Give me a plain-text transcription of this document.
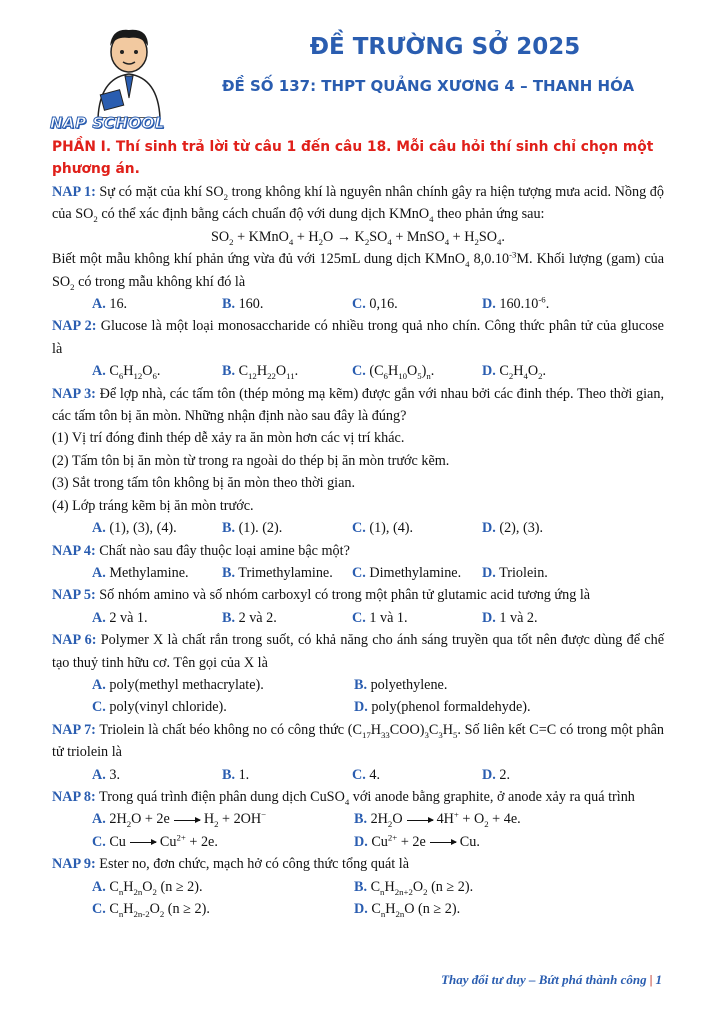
NAP SCHOOL
ĐỀ TRƯỜNG SỞ 2025
ĐỀ SỐ 137: THPT QUẢNG XƯƠNG 4 – THANH HÓA
PHẦN I. Thí sinh trả lời từ câu 1 đến câu 18. Mỗi câu hỏi thí sinh chỉ chọn một phương án.
NAP 1: Sự có mặt của khí $SO_2$ trong không khí là nguyên nhân chính gây ra hiện tượng mưa acid. Nồng độ của $SO_2$ có thể xác định bằng cách chuẩn độ với dung dịch KMnO$_4$ theo phản ứng sau:
$SO_2$ + KMnO$_4$ + $H_2O \to K_2SO_4$ + MnSO$_4$ + $H_2SO_4$.
Biết một mẫu không khí phản ứng vừa đủ với 125mL dung dịch KMnO$_4$ $8,0.10^{-3}M$. Khối lượng (gam) của $SO_2$ có trong mẫu không khí đó là
A. 16.	B. 160.	C. 0,16.	D. $160.10^{-6}$.
NAP 2: Glucose là một loại monosaccharide có nhiều trong quả nho chín. Công thức phân tử của glucose là
A. $C_6H_{12}O_6$.	B. $C_{12}H_{22}O_{11}$.	C. $(C_6H_{10}O_5)_n$.	D. $C_2H_4O_2$.
NAP 3: Để lợp nhà, các tấm tôn (thép mỏng mạ kẽm) được gắn với nhau bởi các đinh thép. Theo thời gian, các tấm tôn bị ăn mòn. Những nhận định nào sau đây là đúng?
(1) Vị trí đóng đinh thép dễ xảy ra ăn mòn hơn các vị trí khác.
(2) Tấm tôn bị ăn mòn từ trong ra ngoài do thép bị ăn mòn trước kẽm.
(3) Sắt trong tấm tôn không bị ăn mòn theo thời gian.
(4) Lớp tráng kẽm bị ăn mòn trước.
A. (1), (3), (4).	B. (1). (2).	C. (1), (4).	D. (2), (3).
NAP 4: Chất nào sau đây thuộc loại amine bậc một?
A. Methylamine.	B. Trimethylamine.	C. Dimethylamine.	D. Triolein.
NAP 5: Số nhóm amino và số nhóm carboxyl có trong một phân tử glutamic acid tương ứng là
A. 2 và 1.	B. 2 và 2.	C. 1 và 1.	D. 1 và 2.
NAP 6: Polymer X là chất rắn trong suốt, có khả năng cho ánh sáng truyền qua tốt nên được dùng để chế tạo thuỷ tinh hữu cơ. Tên gọi của X là
A. poly(methyl methacrylate).	B. polyethylene.
C. poly(vinyl chloride).	D. poly(phenol formaldehyde).
NAP 7: Triolein là chất béo không no có công thức $(C_{17}H_{33}COO)_3C_3H_5$. Số liên kết C=C có trong một phân tử triolein là
A. 3.	B. 1.	C. 4.	D. 2.
NAP 8: Trong quá trình điện phân dung dịch CuSO$_4$ với anode bằng graphite, ở anode xảy ra quá trình
A. $2H_2O + 2e$ $H_2 + 2OH^-$	B. $2H_2O$ $4H^+ + O_2 + 4e$.
C. Cu $Cu^{2+} + 2e$.	D. $Cu^{2+} + 2e$ Cu.
NAP 9: Ester no, đơn chức, mạch hở có công thức tổng quát là
A. $C_nH_{2n}O_2$ (n ≥ 2).	B. $C_nH_{2n+2}O_2$ (n ≥ 2).
C. $C_nH_{2n-2}O_2$ (n ≥ 2).	D. $C_nH_{2n}O$ (n ≥ 2).
Thay đổi tư duy – Bứt phá thành công | 1
